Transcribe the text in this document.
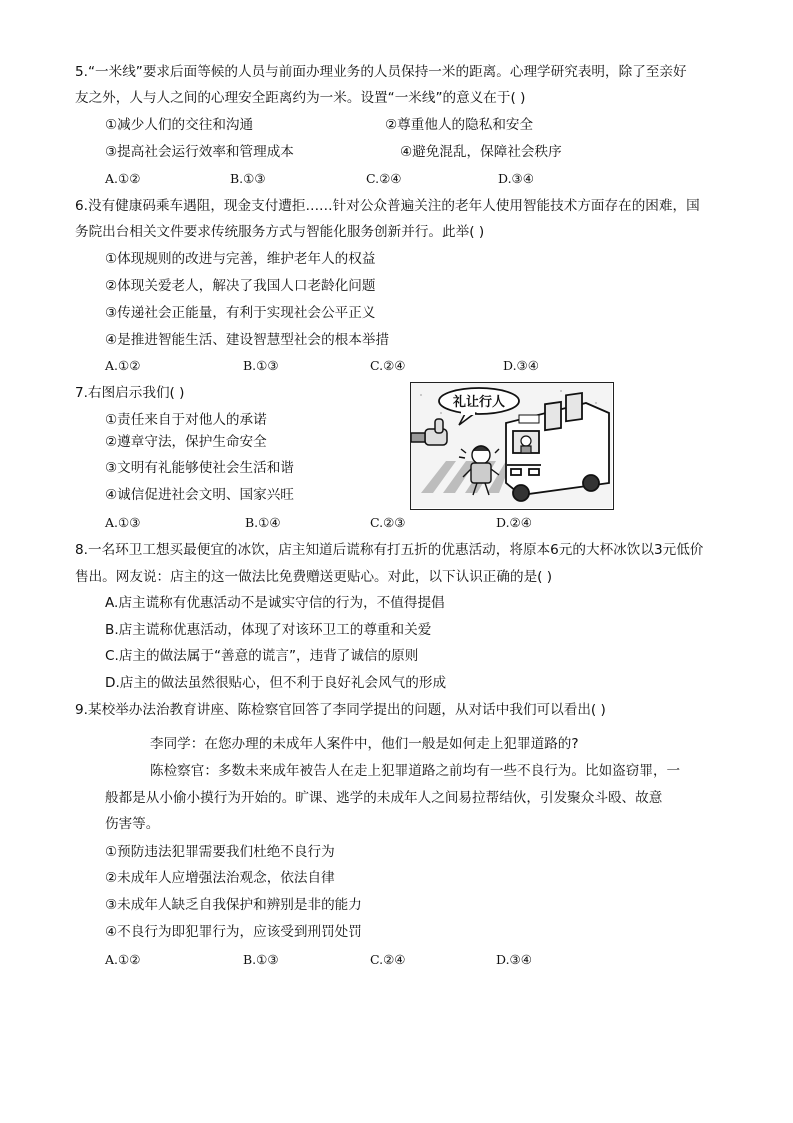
5.“一米线”要求后面等候的人员与前面办理业务的人员保持一米的距离。心理学研究表明，除了至亲好
友之外，人与人之间的心理安全距离约为一米。设置“一米线”的意义在于( )
①减少人们的交往和沟通	②尊重他人的隐私和安全
③提高社会运行效率和管理成本	④避免混乱，保障社会秩序
A.①②	B.①③	C.②④	D.③④
6.没有健康码乘车遇阻，现金支付遭拒……针对公众普遍关注的老年人使用智能技术方面存在的困难，国
务院出台相关文件要求传统服务方式与智能化服务创新并行。此举( )
①体现规则的改进与完善，维护老年人的权益
②体现关爱老人，解决了我国人口老龄化问题
③传递社会正能量，有利于实现社会公平正义
④是推进智能生活、建设智慧型社会的根本举措
A.①②	B.①③	C.②④	D.③④
7.右图启示我们( )
①责任来自于对他人的承诺
②遵章守法，保护生命安全
③文明有礼能够使社会生活和谐
④诚信促进社会文明、国家兴旺
A.①③	B.①④	C.②③	D.②④
礼让行人
8.一名环卫工想买最便宜的冰饮，店主知道后谎称有打五折的优惠活动，将原本6元的大杯冰饮以3元低价
售出。网友说：店主的这一做法比免费赠送更贴心。对此，以下认识正确的是( )
A.店主谎称有优惠活动不是诚实守信的行为，不值得提倡
B.店主谎称优惠活动，体现了对该环卫工的尊重和关爱
C.店主的做法属于“善意的谎言”，违背了诚信的原则
D.店主的做法虽然很贴心，但不利于良好礼会风气的形成
9.某校举办法治教育讲座、陈检察官回答了李同学提出的问题，从对话中我们可以看出( )
李同学：在您办理的未成年人案件中，他们一般是如何走上犯罪道路的?
陈检察官：多数未来成年被告人在走上犯罪道路之前均有一些不良行为。比如盗窃罪，一
般都是从小偷小摸行为开始的。旷课、逃学的未成年人之间易拉帮结伙，引发聚众斗殴、故意
伤害等。
①预防违法犯罪需要我们杜绝不良行为
②未成年人应增强法治观念，依法自律
③未成年人缺乏自我保护和辨别是非的能力
④不良行为即犯罪行为，应该受到刑罚处罚
A.①②	B.①③	C.②④	D.③④
